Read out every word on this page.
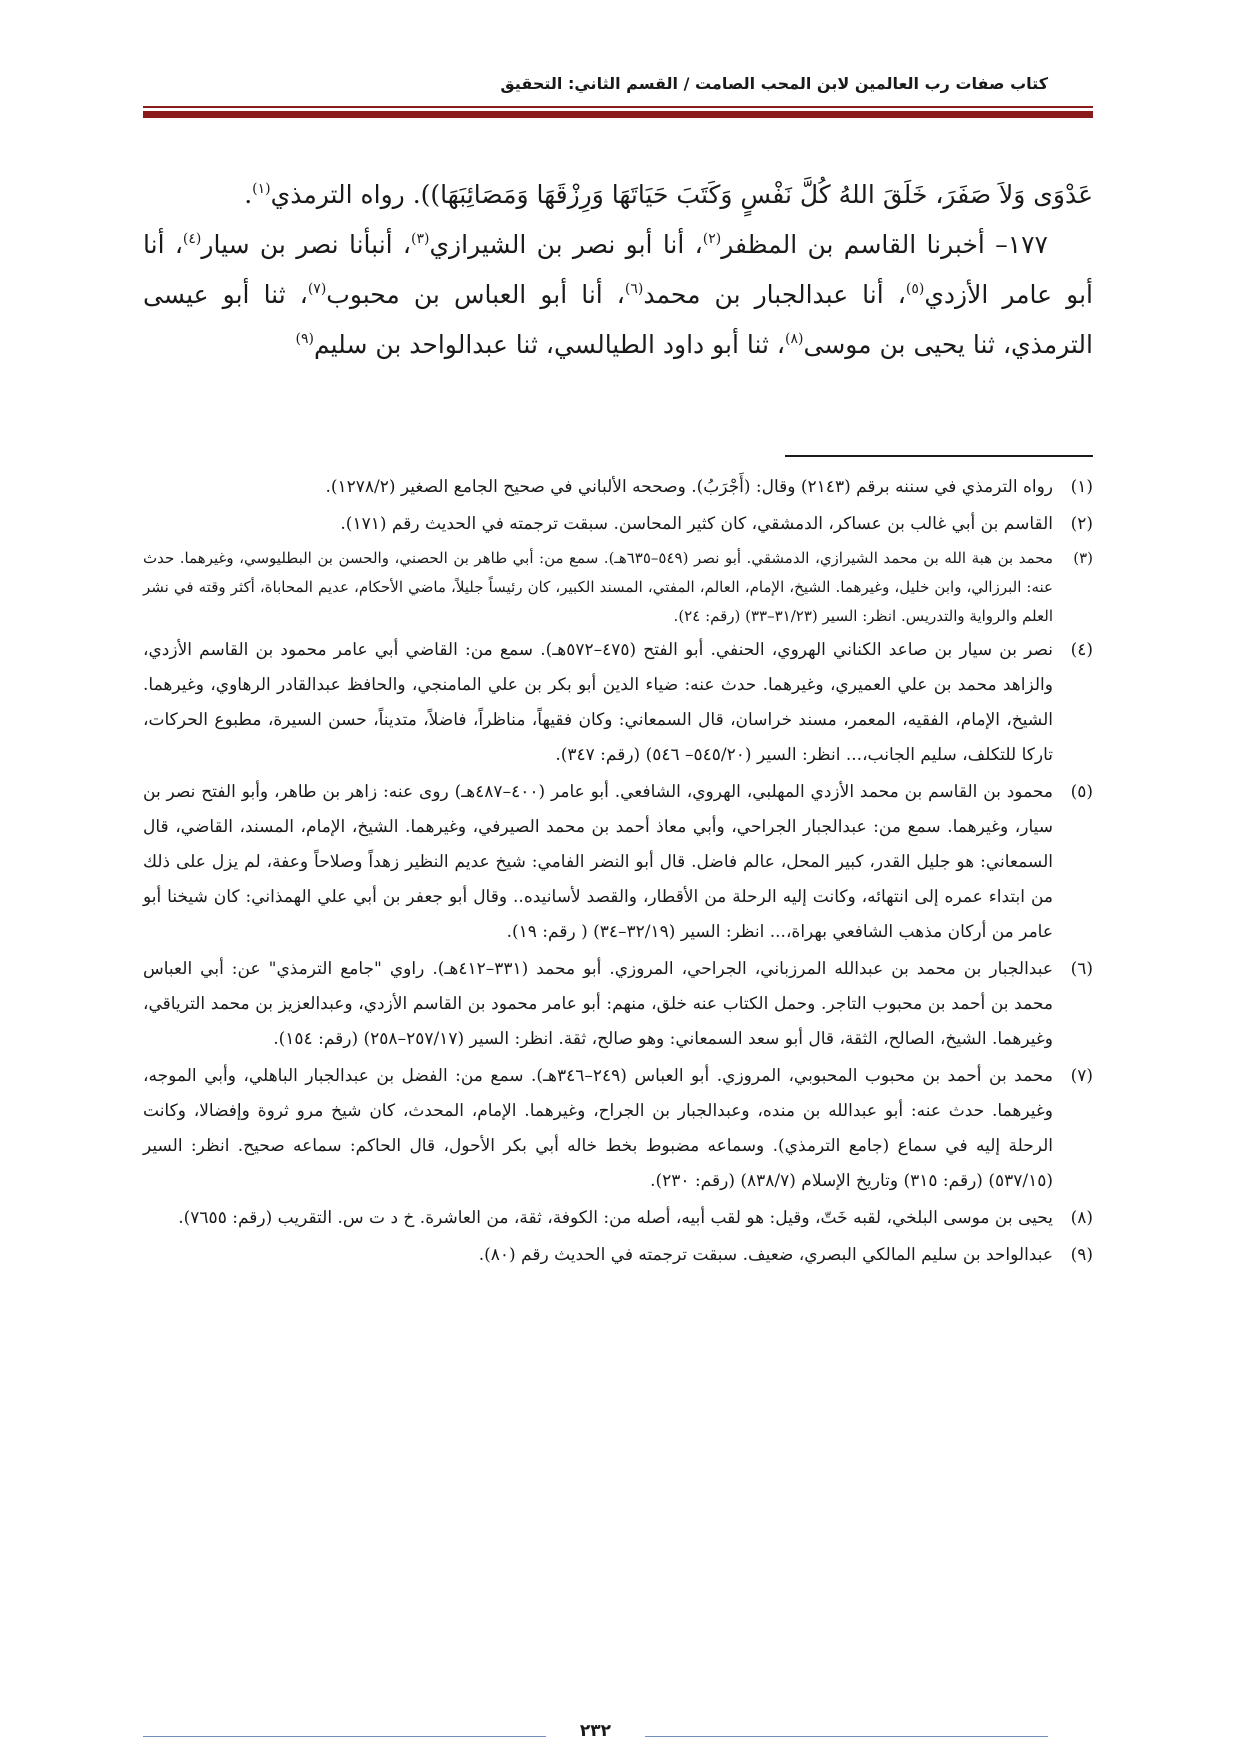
كتاب صفات رب العالمين لابن المحب الصامت / القسم الثاني: التحقيق

عَدْوَى وَلاَ صَفَرَ، خَلَقَ اللهُ كُلَّ نَفْسٍ وَكَتَبَ حَيَاتَهَا وَرِزْقَهَا وَمَصَائِبَهَا)). رواه الترمذي$^{(١)}$.

١٧٧– أخبرنا القاسم بن المظفر$^{(٢)}$، أنا أبو نصر بن الشيرازي$^{(٣)}$، أنبأنا نصر بن سيار$^{(٤)}$، أنا أبو عامر الأزدي$^{(٥)}$، أنا عبدالجبار بن محمد$^{(٦)}$، أنا أبو العباس بن محبوب$^{(٧)}$، ثنا أبو عيسى الترمذي، ثنا يحيى بن موسى$^{(٨)}$، ثنا أبو داود الطيالسي، ثنا عبدالواحد بن سليم$^{(٩)}$

(١)
رواه الترمذي في سننه برقم (٢١٤٣) وقال: (أَجْرَبُ). وصححه الألباني في صحيح الجامع الصغير (١٢٧٨/٢).
(٢)
القاسم بن أبي غالب بن عساكر، الدمشقي، كان كثير المحاسن. سبقت ترجمته في الحديث رقم (١٧١).
(٣)
محمد بن هبة الله بن محمد الشيرازي، الدمشقي. أبو نصر (٥٤٩–٦٣٥هـ). سمع من: أبي طاهر بن الحصني، والحسن بن البطليوسي، وغيرهما. حدث عنه: البرزالي، وابن خليل، وغيرهما. الشيخ، الإمام، العالم، المفتي، المسند الكبير، كان رئيساً جليلاً، ماضي الأحكام، عديم المحاباة، أكثر وقته في نشر العلم والرواية والتدريس. انظر: السير (٣١/٢٣–٣٣) (رقم: ٢٤).
(٤)
نصر بن سيار بن صاعد الكناني الهروي، الحنفي. أبو الفتح (٤٧٥–٥٧٢هـ). سمع من: القاضي أبي عامر محمود بن القاسم الأزدي، والزاهد محمد بن علي العميري، وغيرهما. حدث عنه: ضياء الدين أبو بكر بن علي المامنجي، والحافظ عبدالقادر الرهاوي، وغيرهما. الشيخ، الإمام، الفقيه، المعمر، مسند خراسان، قال السمعاني: وكان فقيهاً، مناظراً، فاضلاً، متديناً، حسن السيرة، مطبوع الحركات، تاركا للتكلف، سليم الجانب،... انظر: السير (٥٤٥/٢٠– ٥٤٦) (رقم: ٣٤٧).
(٥)
محمود بن القاسم بن محمد الأزدي المهلبي، الهروي، الشافعي. أبو عامر (٤٠٠–٤٨٧هـ) روى عنه: زاهر بن طاهر، وأبو الفتح نصر بن سيار، وغيرهما. سمع من: عبدالجبار الجراحي، وأبي معاذ أحمد بن محمد الصيرفي، وغيرهما. الشيخ، الإمام، المسند، القاضي، قال السمعاني: هو جليل القدر، كبير المحل، عالم فاضل. قال أبو النضر الفامي: شيخ عديم النظير زهداً وصلاحاً وعفة، لم يزل على ذلك من ابتداء عمره إلى انتهائه، وكانت إليه الرحلة من الأقطار، والقصد لأسانيده.. وقال أبو جعفر بن أبي علي الهمذاني: كان شيخنا أبو عامر من أركان مذهب الشافعي بهراة،... انظر: السير (٣٢/١٩–٣٤) ( رقم: ١٩).
(٦)
عبدالجبار بن محمد بن عبدالله المرزباني، الجراحي، المروزي. أبو محمد (٣٣١–٤١٢هـ). راوي "جامع الترمذي" عن: أبي العباس محمد بن أحمد بن محبوب التاجر. وحمل الكتاب عنه خلق، منهم: أبو عامر محمود بن القاسم الأزدي، وعبدالعزيز بن محمد الترياقي، وغيرهما. الشيخ، الصالح، الثقة، قال أبو سعد السمعاني: وهو صالح، ثقة. انظر: السير (٢٥٧/١٧–٢٥٨) (رقم: ١٥٤).
(٧)
محمد بن أحمد بن محبوب المحبوبي، المروزي. أبو العباس (٢٤٩–٣٤٦هـ). سمع من: الفضل بن عبدالجبار الباهلي، وأبي الموجه، وغيرهما. حدث عنه: أبو عبدالله بن منده، وعبدالجبار بن الجراح، وغيرهما. الإمام، المحدث، كان شيخ مرو ثروة وإفضالا، وكانت الرحلة إليه في سماع (جامع الترمذي). وسماعه مضبوط بخط خاله أبي بكر الأحول، قال الحاكم: سماعه صحيح. انظر: السير (٥٣٧/١٥) (رقم: ٣١٥) وتاريخ الإسلام (٨٣٨/٧) (رقم: ٢٣٠).
(٨)
يحيى بن موسى البلخي، لقبه خَتّ، وقيل: هو لقب أبيه، أصله من: الكوفة، ثقة، من العاشرة. خ د ت س. التقريب (رقم: ٧٦٥٥).
(٩)
عبدالواحد بن سليم المالكي البصري، ضعيف. سبقت ترجمته في الحديث رقم (٨٠).
٢٣٢
